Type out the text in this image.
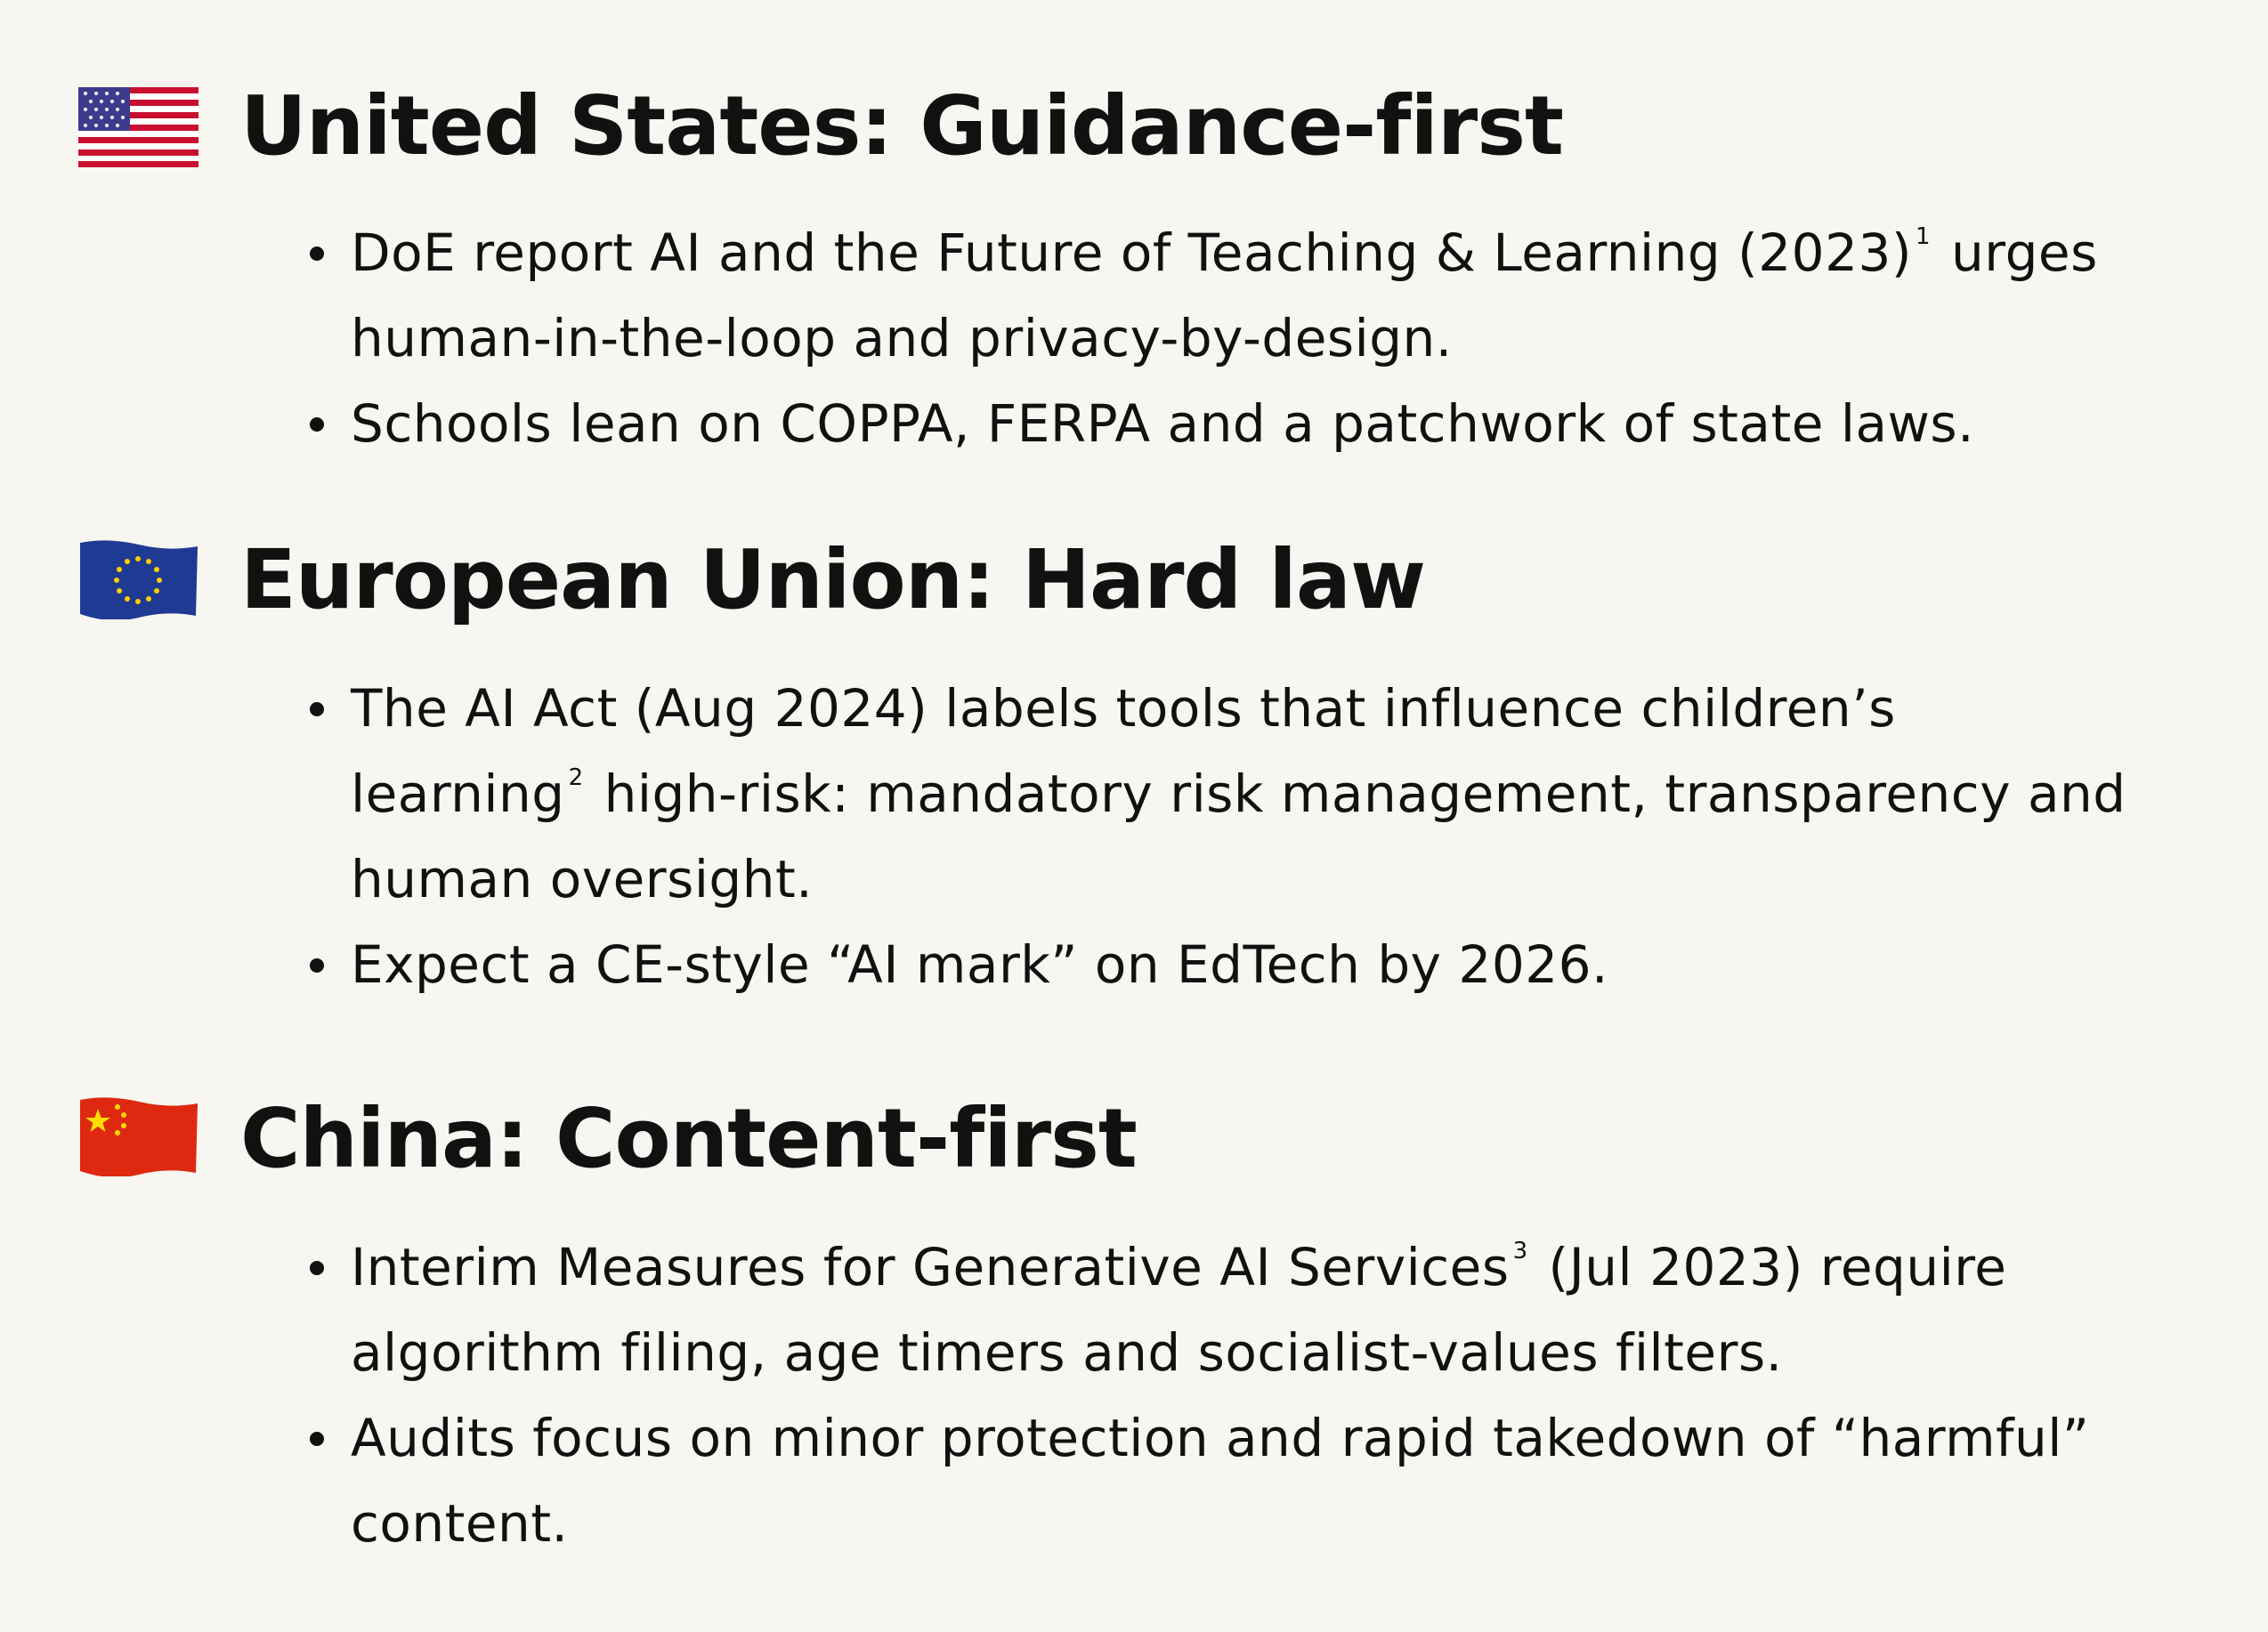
United States: Guidance-first
DoE report AI and the Future of Teaching & Learning (2023) $^1$ urges human-in-the-loop and privacy-by-design.
Schools lean on COPPA, FERPA and a patchwork of state laws.
European Union: Hard law
The AI Act (Aug 2024) labels tools that influence children’s learning $^2$ high-risk: mandatory risk management, transparency and human oversight.
Expect a CE-style “AI mark” on EdTech by 2026.
China: Content-first
Interim Measures for Generative AI Services $^3$ (Jul 2023) require algorithm filing, age timers and socialist-values filters.
Audits focus on minor protection and rapid takedown of “harmful” content.
